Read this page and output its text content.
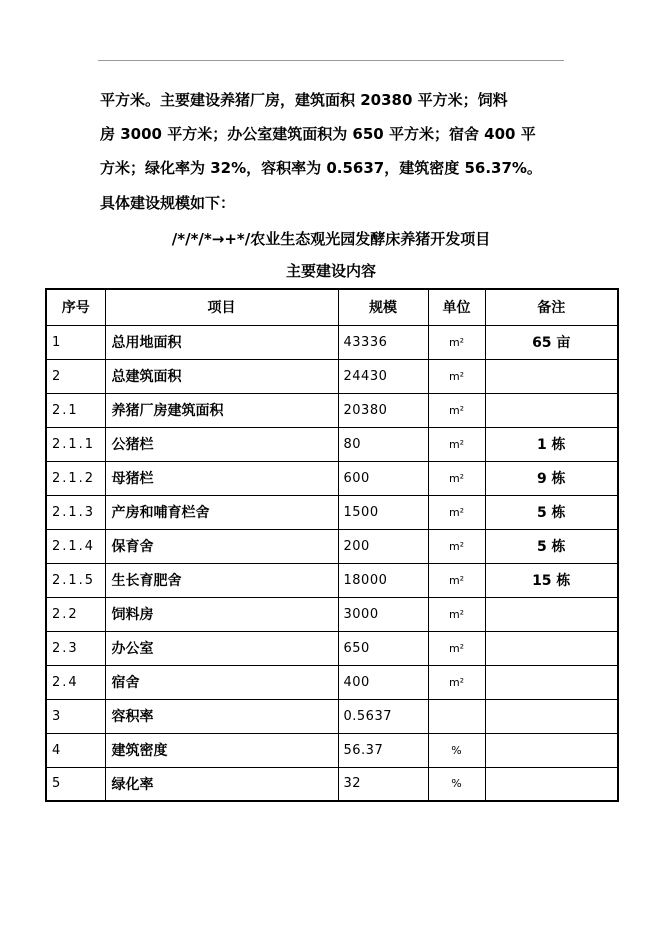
平方米。主要建设养猪厂房，建筑面积 20380 平方米；饲料
房 3000 平方米；办公室建筑面积为 650 平方米；宿舍 400 平
方米；绿化率为 32%，容积率为 0.5637，建筑密度 56.37%。
具体建设规模如下：
/*/*/*→+*/农业生态观光园发酵床养猪开发项目
主要建设内容
序号	项目	规模	单位	备注
1	总用地面积	43336	m²	65 亩
2	总建筑面积	24430	m²	
2.1	养猪厂房建筑面积	20380	m²	
2.1.1	公猪栏	80	m²	1 栋
2.1.2	母猪栏	600	m²	9 栋
2.1.3	产房和哺育栏舍	1500	m²	5 栋
2.1.4	保育舍	200	m²	5 栋
2.1.5	生长育肥舍	18000	m²	15 栋
2.2	饲料房	3000	m²	
2.3	办公室	650	m²	
2.4	宿舍	400	m²	
3	容积率	0.5637		
4	建筑密度	56.37	%	
5	绿化率	32	%	
